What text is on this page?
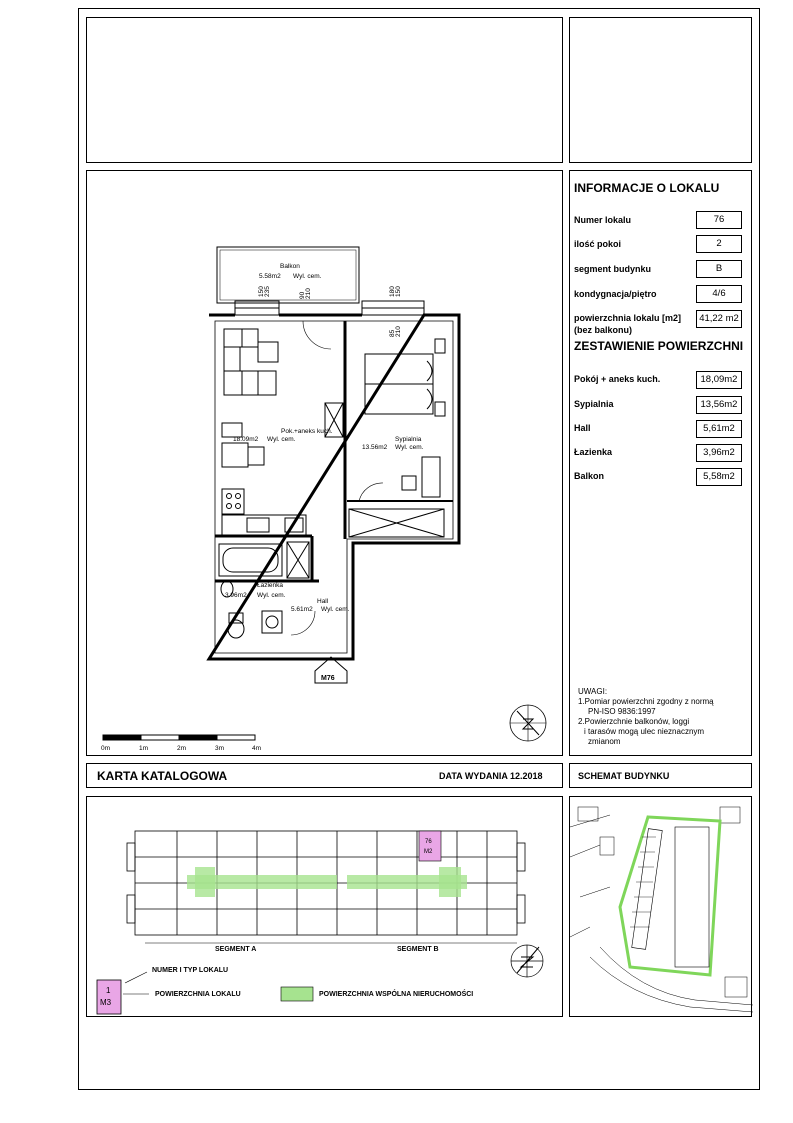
Balkon
5.58m2 Wyl. cem.
Pok.+aneks kuch.
18.09m2 Wyl. cem.	Sypialnia
13.56m2 Wyl. cem.
Łazienka
3.96m2 Wyl. cem.
Hall
5.61m2 Wyl. cem.
M76
150 235	90 210	180 150
85 210
0m	1m	2m	3m	4m
INFORMACJE O LOKALU
Numer lokalu	76
ilość pokoi	2
segment budynku	B
kondygnacja/piętro	4/6
powierzchnia lokalu [m2]
(bez balkonu)
41,22 m2
ZESTAWIENIE POWIERZCHNI
Pokój + aneks kuch.	18,09m2
Sypialnia	13,56m2
Hall	5,61m2
Łazienka	3,96m2
Balkon	5,58m2
UWAGI:
1.Pomiar powierzchni zgodny z normą
PN-ISO 9836:1997
2.Powierzchnie balkonów, loggi
i tarasów mogą ulec nieznacznym
zmianom
KARTA KATALOGOWA	DATA WYDANIA 12.2018	SCHEMAT BUDYNKU
76
M2
SEGMENT A	SEGMENT B
1
M3
NUMER I TYP LOKALU
POWIERZCHNIA LOKALU	POWIERZCHNIA WSPÓLNA NIERUCHOMOŚCI
